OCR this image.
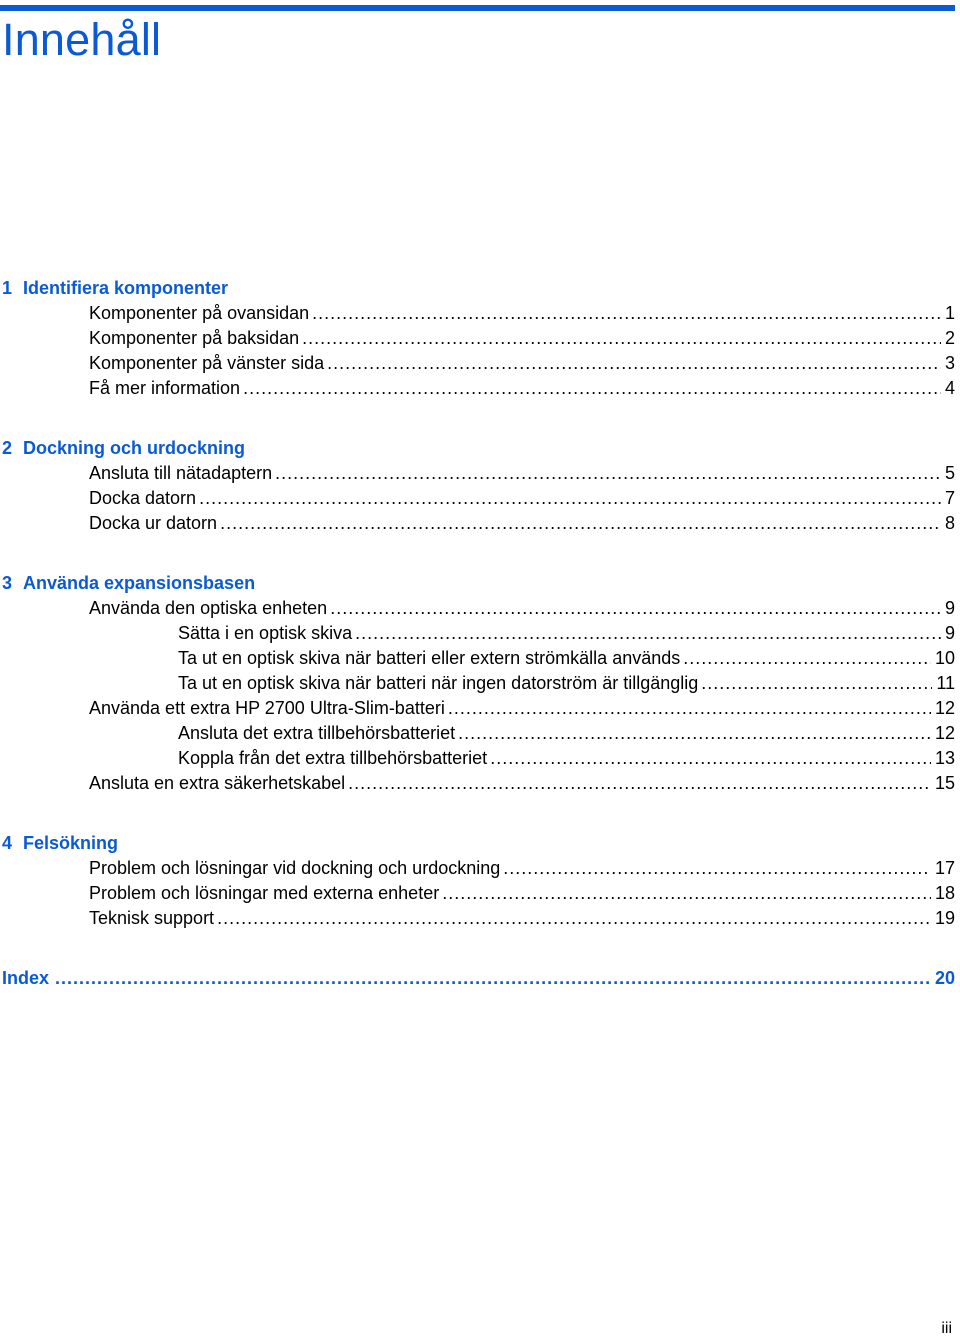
Innehåll
1 Identifiera komponenter
Komponenter på ovansidan .....	1
Komponenter på baksidan .....	2
Komponenter på vänster sida .....	3
Få mer information .....	4
2 Dockning och urdockning
Ansluta till nätadaptern .....	5
Docka datorn .....	7
Docka ur datorn .....	8
3 Använda expansionsbasen
Använda den optiska enheten .....	9
Sätta i en optisk skiva .....	9
Ta ut en optisk skiva när batteri eller extern strömkälla används .....	10
Ta ut en optisk skiva när batteri när ingen datorström är tillgänglig .....	11
Använda ett extra HP 2700 Ultra-Slim-batteri .....	12
Ansluta det extra tillbehörsbatteriet .....	12
Koppla från det extra tillbehörsbatteriet .....	13
Ansluta en extra säkerhetskabel .....	15
4 Felsökning
Problem och lösningar vid dockning och urdockning .....	17
Problem och lösningar med externa enheter .....	18
Teknisk support .....	19
Index .....	20
iii
